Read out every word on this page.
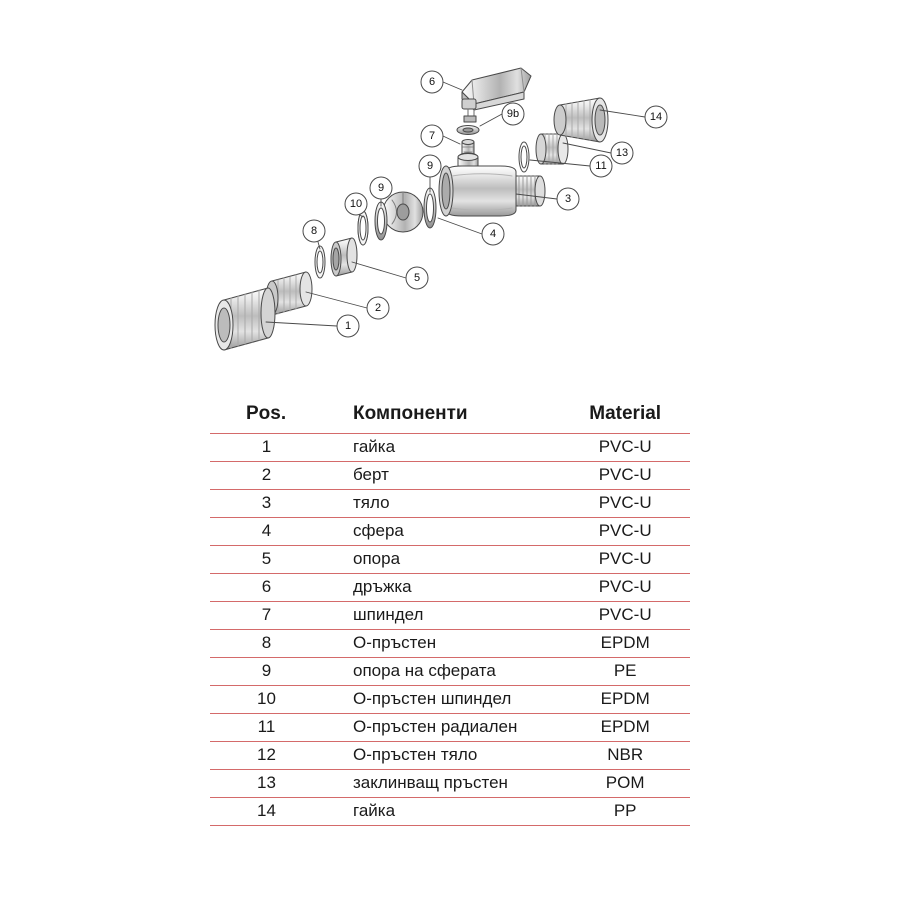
6
7
9b	14
13
11
3
4
9
9
10
5
8
2
1
Pos.	Компоненти	Material
1	гайка	PVC-U
2	берт	PVC-U
3	тяло	PVC-U
4	сфера	PVC-U
5	опора	PVC-U
6	дръжка	PVC-U
7	шпиндел	PVC-U
8	О-пръстен	EPDM
9	опора на сферата	PE
10	О-пръстен шпиндел	EPDM
11	О-пръстен радиален	EPDM
12	О-пръстен тяло	NBR
13	заклинващ пръстен	POM
14	гайка	PP
